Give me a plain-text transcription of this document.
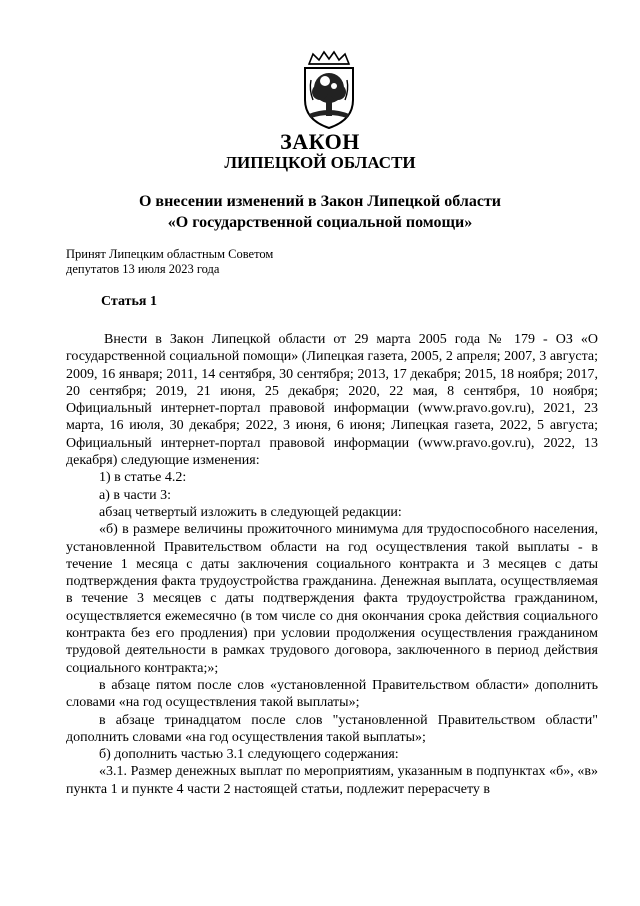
ЗАКОН
ЛИПЕЦКОЙ ОБЛАСТИ
О внесении изменений в Закон Липецкой области
«О государственной социальной помощи»
Принят Липецким областным Советом
депутатов 13 июля 2023 года
Статья 1

Внести в Закон Липецкой области от 29 марта 2005 года № 179 - ОЗ «О государственной социальной помощи» (Липецкая газета, 2005, 2 апреля; 2007, 3 августа; 2009, 16 января; 2011, 14 сентября, 30 сентября; 2013, 17 декабря; 2015, 18 ноября; 2017, 20 сентября; 2019, 21 июня, 25 декабря; 2020, 22 мая, 8 сентября, 10 ноября; Официальный интернет-портал правовой информации (www.pravo.gov.ru), 2021, 23 марта, 16 июля, 30 декабря; 2022, 3 июня, 6 июня; Липецкая газета, 2022, 5 августа; Официальный интернет-портал правовой информации (www.pravo.gov.ru), 2022, 13 декабря) следующие изменения:

1) в статье 4.2:

а) в части 3:

абзац четвертый изложить в следующей редакции:

«б) в размере величины прожиточного минимума для трудоспособного населения, установленной Правительством области на год осуществления такой выплаты - в течение 1 месяца с даты заключения социального контракта и 3 месяцев с даты подтверждения факта трудоустройства гражданина. Денежная выплата, осуществляемая в течение 3 месяцев с даты подтверждения факта трудоустройства гражданином, осуществляется ежемесячно (в том числе со дня окончания срока действия социального контракта без его продления) при условии продолжения осуществления гражданином трудовой деятельности в рамках трудового договора, заключенного в период действия социального контракта;»;

в абзаце пятом после слов «установленной Правительством области» дополнить словами «на год осуществления такой выплаты»;

в абзаце тринадцатом после слов "установленной Правительством области" дополнить словами «на год осуществления такой выплаты»;

б) дополнить частью 3.1 следующего содержания:

«3.1. Размер денежных выплат по мероприятиям, указанным в подпунктах «б», «в» пункта 1 и пункте 4 части 2 настоящей статьи, подлежит перерасчету в
